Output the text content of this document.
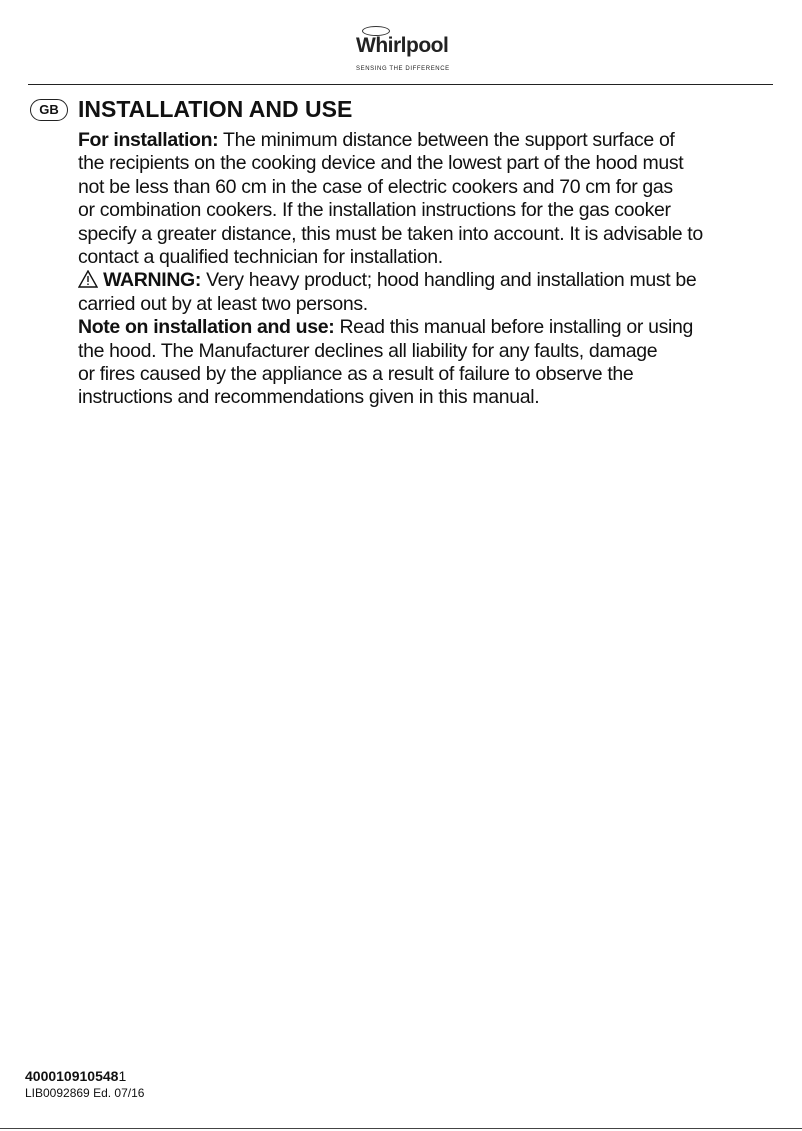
Whirlpool
SENSING THE DIFFERENCE
GB INSTALLATION AND USE
For installation: The minimum distance between the support surface of
the recipients on the cooking device and the lowest part of the hood must
not be less than 60 cm in the case of electric cookers and 70 cm for gas
or combination cookers. If the installation instructions for the gas cooker
specify a greater distance, this must be taken into account. It is advisable to
contact a qualified technician for installation.
WARNING: Very heavy product; hood handling and installation must be
carried out by at least two persons.
Note on installation and use: Read this manual before installing or using
the hood. The Manufacturer declines all liability for any faults, damage
or fires caused by the appliance as a result of failure to observe the
instructions and recommendations given in this manual.
4000109105481
LIB0092869 Ed. 07/16
